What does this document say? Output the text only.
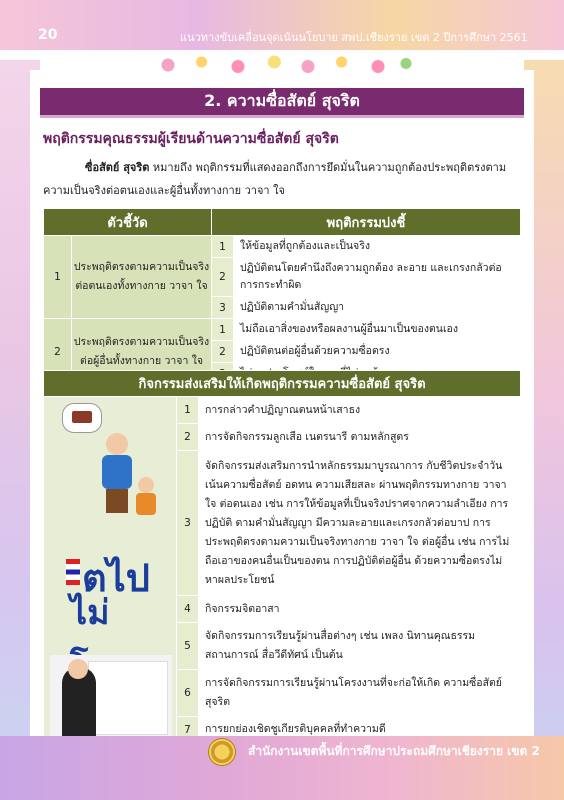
20	แนวทางขับเคลื่อนจุดเน้นนโยบาย สพป.เชียงราย เขต 2 ปีการศึกษา 2561
2. ความซื่อสัตย์ สุจริต
พฤติกรรมคุณธรรมผู้เรียนด้านความซื่อสัตย์ สุจริต

ซื่อสัตย์ สุจริต หมายถึง พฤติกรรมที่แสดงออกถึงการยึดมั่นในความถูกต้องประพฤติตรงตามความเป็นจริงต่อตนเองและผู้อื่นทั้งทางกาย วาจา ใจ

ตัวชี้วัด		พฤติกรรมบ่งชี้	
1	ประพฤติตรงตามความเป็นจริงต่อตนเองทั้งทางกาย วาจา ใจ	1	ให้ข้อมูลที่ถูกต้องและเป็นจริง
		2	ปฏิบัติตนโดยคำนึงถึงความถูกต้อง ละอาย และเกรงกลัวต่อการกระทำผิด
		3	ปฏิบัติตามคำมั่นสัญญา
2	ประพฤติตรงตามความเป็นจริงต่อผู้อื่นทั้งทางกาย วาจา ใจ	1	ไม่ถือเอาสิ่งของหรือผลงานผู้อื่นมาเป็นของตนเอง
		2	ปฏิบัติตนต่อผู้อื่นด้วยความซื่อตรง

กิจกรรมส่งเสริมให้เกิดพฤติกรรมความซื่อสัตย์ สุจริต		

ตไป
ไม่	1	การกล่าวคำปฏิญาณตนหน้าเสาธง
	2	การจัดกิจกรรมลูกเสือ เนตรนารี ตามหลักสูตร
	3	จัดกิจกรรมส่งเสริมการนำหลักธรรมมาบูรณาการ กับชีวิตประจำวัน เน้นความซื่อสัตย์ อดทน ความเสียสละ ผ่านพฤติกรรมทางกาย วาจา ใจ ต่อตนเอง เช่น การให้ข้อมูลที่เป็นจริงปราศจากความลำเอียง การปฏิบัติ ตามคำมั่นสัญญา มีความละอายและเกรงกลัวต่อบาป การประพฤติตรงตามความเป็นจริงทางกาย วาจา ใจ ต่อผู้อื่น เช่น การไม่ถือเอาของคนอื่นเป็นของตน การปฏิบัติต่อผู้อื่น ด้วยความซื่อตรงไม่หาผลประโยชน์
	4	กิจกรรมจิตอาสา
	5	จัดกิจกรรมการเรียนรู้ผ่านสื่อต่างๆ เช่น เพลง นิทานคุณธรรม สถานการณ์ สื่อวีดีทัศน์ เป็นต้น
	6	การจัดกิจกรรมการเรียนรู้ผ่านโครงงานที่จะก่อให้เกิด ความซื่อสัตย์ สุจริต
	7	การยกย่องเชิดชูเกียรติบุคคลที่ทำความดี
สำนักงานเขตพื้นที่การศึกษาประถมศึกษาเชียงราย เขต 2
